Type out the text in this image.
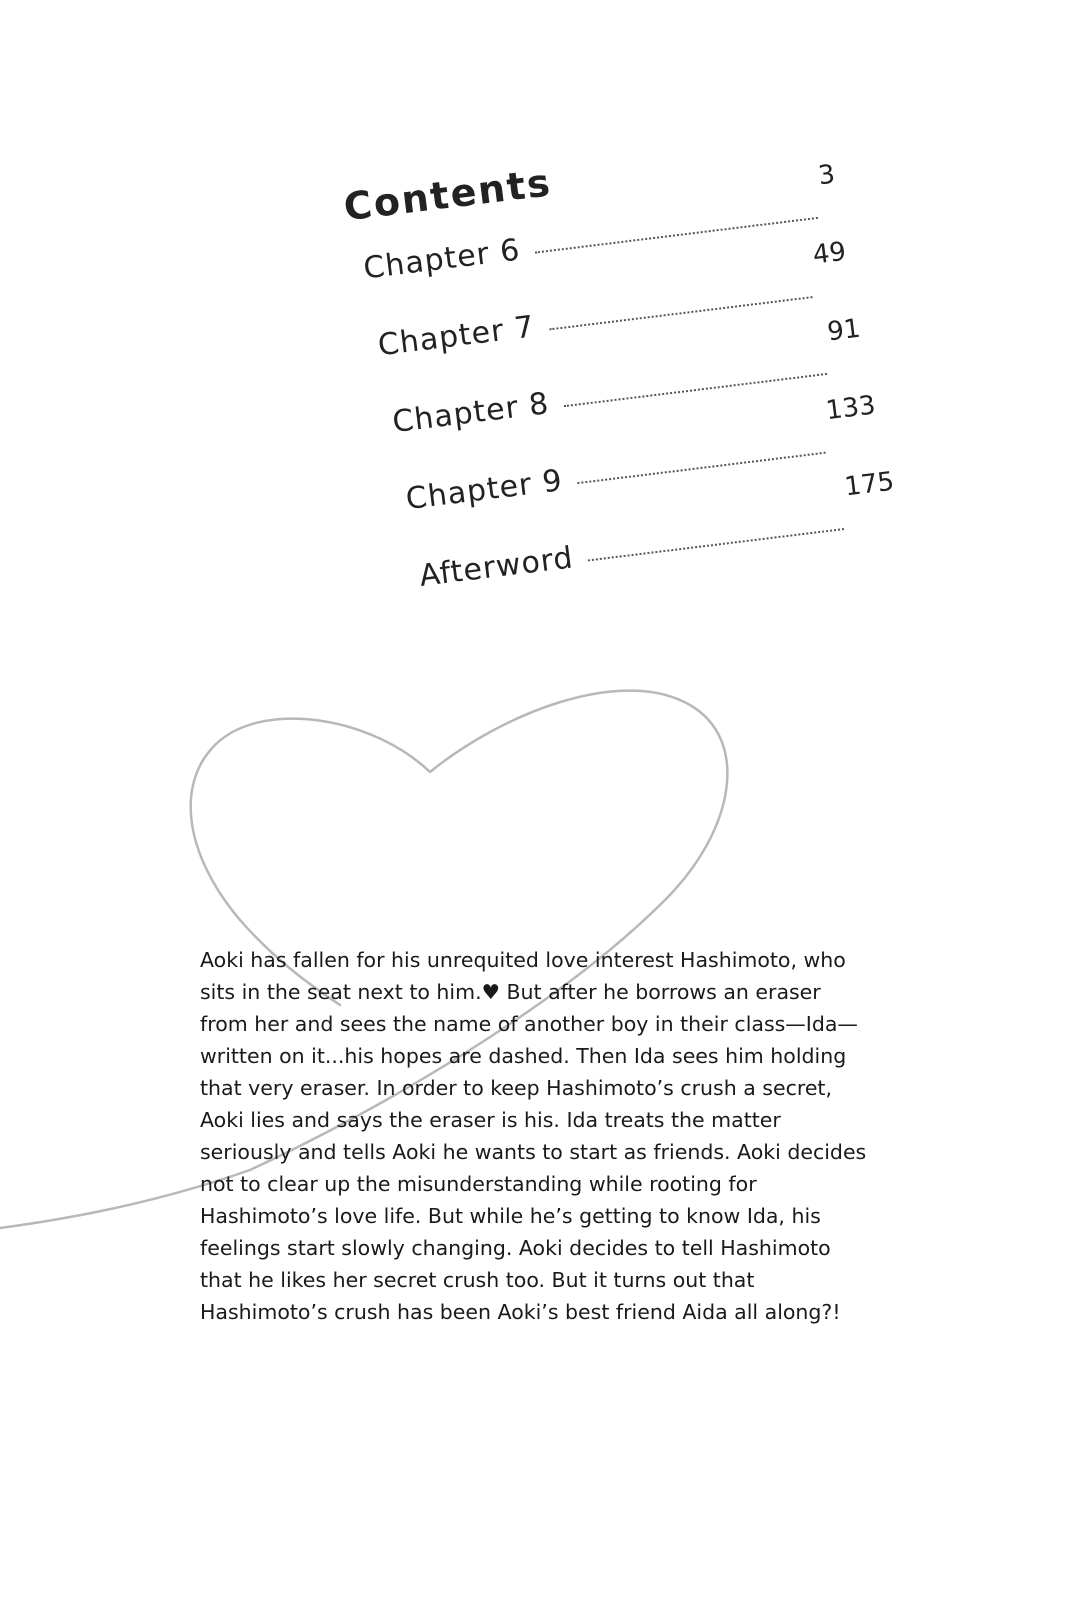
Contents
Chapter 6
3
Chapter 7
49
Chapter 8
91
Chapter 9
133
Afterword
175

Aoki has fallen for his unrequited love interest Hashimoto, who sits in the seat next to him.♥ But after he borrows an eraser from her and sees the name of another boy in their class—Ida—written on it...his hopes are dashed. Then Ida sees him holding that very eraser. In order to keep Hashimoto’s crush a secret, Aoki lies and says the eraser is his. Ida treats the matter seriously and tells Aoki he wants to start as friends. Aoki decides not to clear up the misunderstanding while rooting for Hashimoto’s love life. But while he’s getting to know Ida, his feelings start slowly changing. Aoki decides to tell Hashimoto that he likes her secret crush too. But it turns out that Hashimoto’s crush has been Aoki’s best friend Aida all along?!
